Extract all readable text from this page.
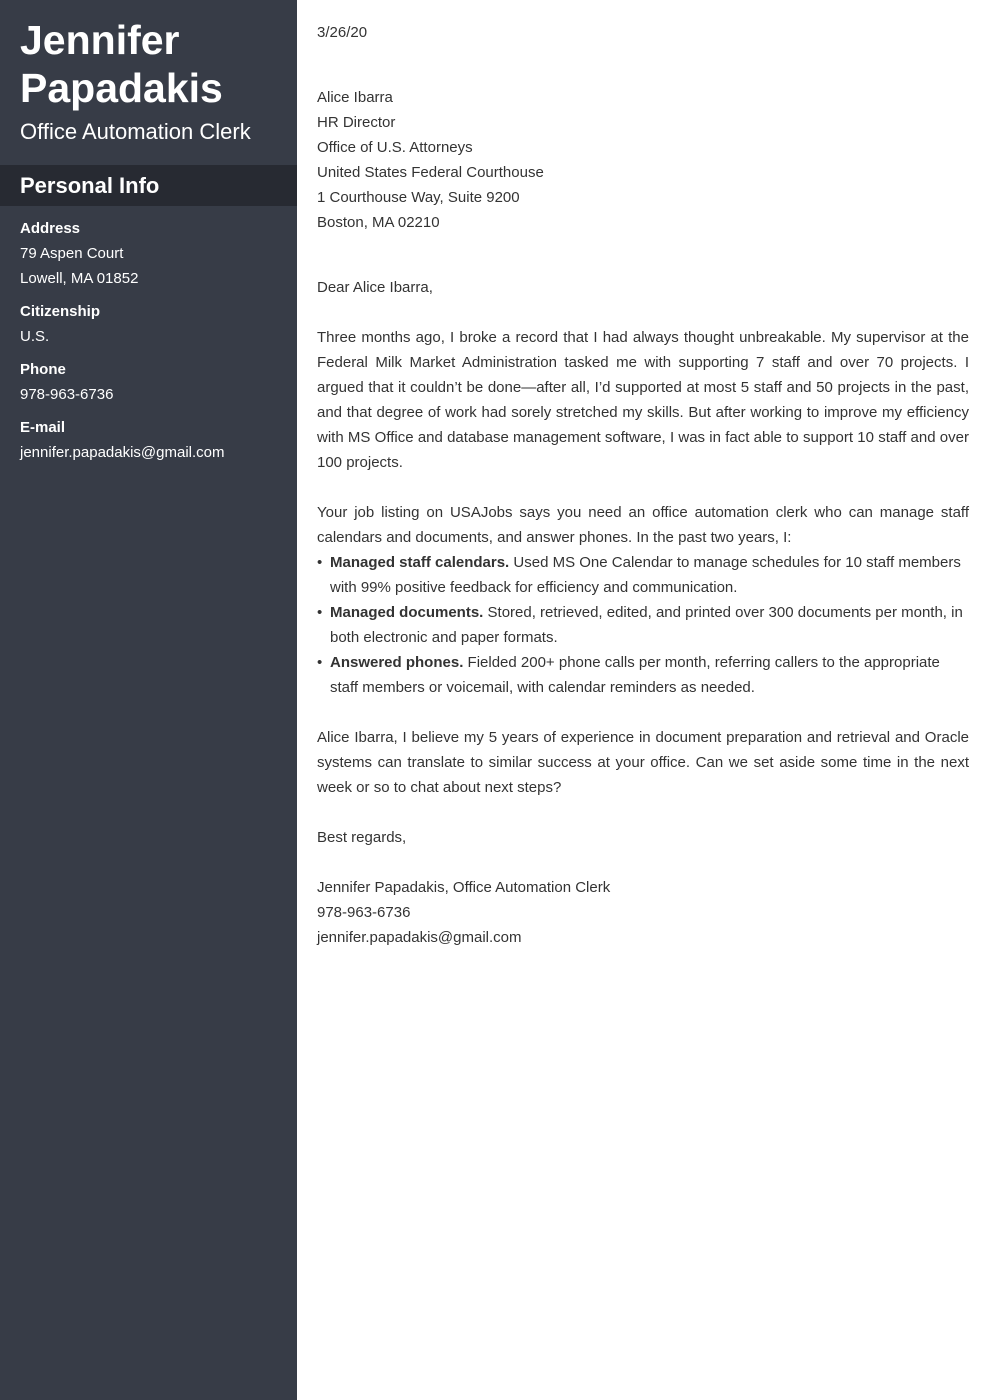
Jennifer
Papadakis
Office Automation Clerk
Personal Info
Address
79 Aspen Court
Lowell, MA 01852
Citizenship
U.S.
Phone
978-963-6736
E-mail
jennifer.papadakis@gmail.com
3/26/20
Alice Ibarra
HR Director
Office of U.S. Attorneys
United States Federal Courthouse
1 Courthouse Way, Suite 9200
Boston, MA 02210
Dear Alice Ibarra,

Three months ago, I broke a record that I had always thought unbreakable. My supervisor at the Federal Milk Market Administration tasked me with supporting 7 staff and over 70 projects. I argued that it couldn’t be done—after all, I’d supported at most 5 staff and 50 projects in the past, and that degree of work had sorely stretched my skills. But after working to improve my efficiency with MS Office and database management software, I was in fact able to support 10 staff and over 100 projects.

Your job listing on USAJobs says you need an office automation clerk who can manage staff calendars and documents, and answer phones. In the past two years, I:

• Managed staff calendars. Used MS One Calendar to manage schedules for 10 staff members with 99% positive feedback for efficiency and communication.
• Managed documents. Stored, retrieved, edited, and printed over 300 documents per month, in both electronic and paper formats.
• Answered phones. Fielded 200+ phone calls per month, referring callers to the appropriate staff members or voicemail, with calendar reminders as needed.

Alice Ibarra, I believe my 5 years of experience in document preparation and retrieval and Oracle systems can translate to similar success at your office. Can we set aside some time in the next week or so to chat about next steps?

Best regards,
Jennifer Papadakis, Office Automation Clerk
978-963-6736
jennifer.papadakis@gmail.com
